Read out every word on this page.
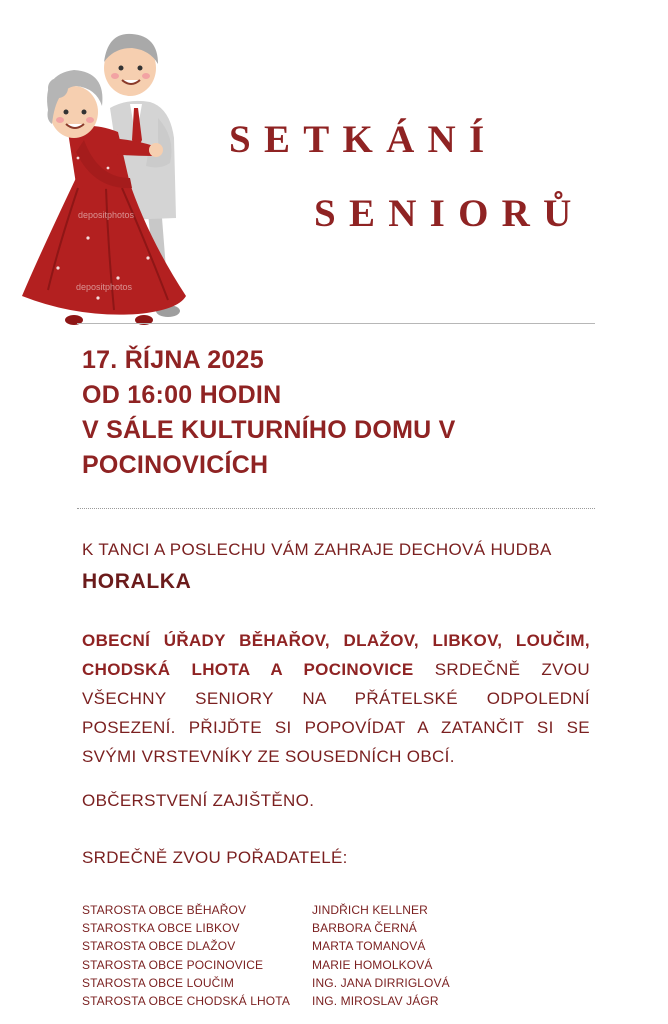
depositphotos
depositphotos
SETKÁNÍ
SENIORŮ
17. ŘÍJNA 2025
OD 16:00 HODIN
V SÁLE KULTURNÍHO DOMU V
POCINOVICÍCH
K TANCI A POSLECHU VÁM ZAHRAJE DECHOVÁ HUDBA
HORALKA
OBECNÍ ÚŘADY BĚHAŘOV, DLAŽOV, LIBKOV, LOUČIM, CHODSKÁ LHOTA A POCINOVICE SRDEČNĚ ZVOU VŠECHNY SENIORY NA PŘÁTELSKÉ ODPOLEDNÍ POSEZENÍ. PŘIJĎTE SI POPOVÍDAT A ZATANČIT SI SE SVÝMI VRSTEVNÍKY ZE SOUSEDNÍCH OBCÍ.
OBČERSTVENÍ ZAJIŠTĚNO.
SRDEČNĚ ZVOU POŘADATELÉ:
STAROSTA OBCE BĚHAŘOV	JINDŘICH KELLNER
STAROSTKA OBCE LIBKOV	BARBORA ČERNÁ
STAROSTA OBCE DLAŽOV	MARTA TOMANOVÁ
STAROSTA OBCE POCINOVICE	MARIE HOMOLKOVÁ
STAROSTA OBCE LOUČIM	ING. JANA DIRRIGLOVÁ
STAROSTA OBCE CHODSKÁ LHOTA	ING. MIROSLAV JÁGR
